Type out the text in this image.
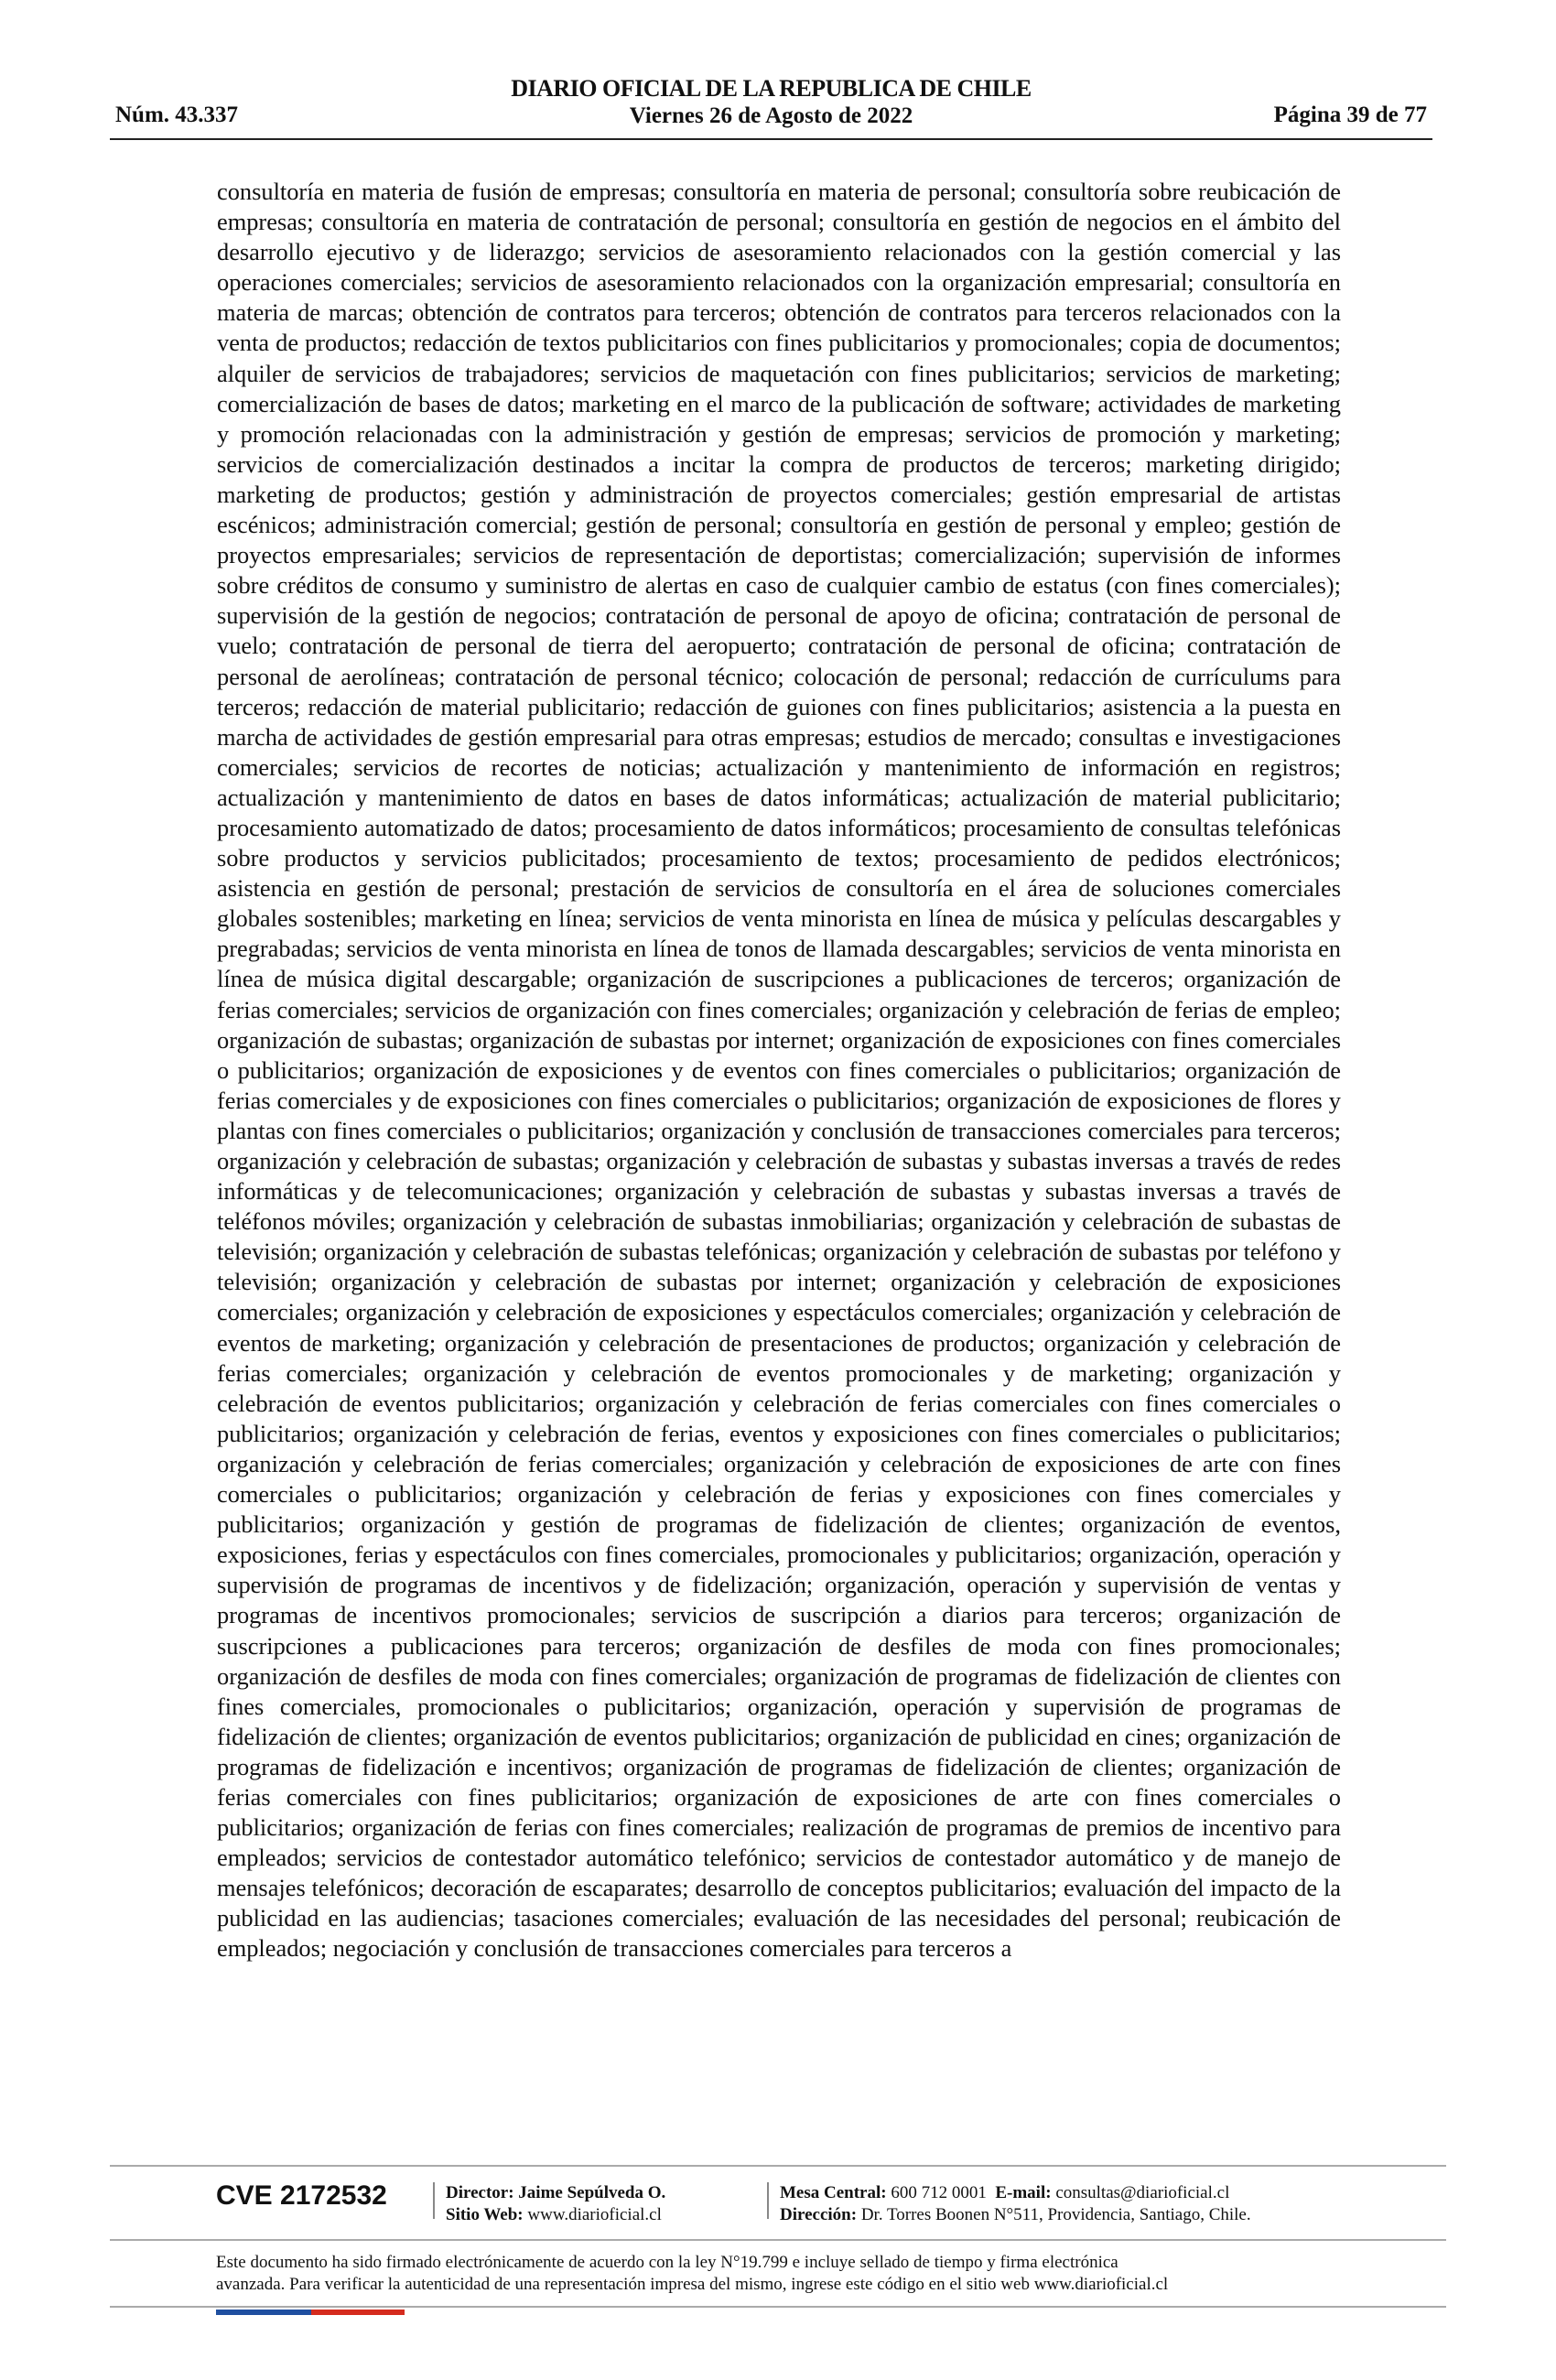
Núm. 43.337
DIARIO OFICIAL DE LA REPUBLICA DE CHILE
Viernes 26 de Agosto de 2022	Página 39 de 77
consultoría en materia de fusión de empresas; consultoría en materia de personal; consultoría sobre reubicación de empresas; consultoría en materia de contratación de personal; consultoría en gestión de negocios en el ámbito del desarrollo ejecutivo y de liderazgo; servicios de asesoramiento relacionados con la gestión comercial y las operaciones comerciales; servicios de asesoramiento relacionados con la organización empresarial; consultoría en materia de marcas; obtención de contratos para terceros; obtención de contratos para terceros relacionados con la venta de productos; redacción de textos publicitarios con fines publicitarios y promocionales; copia de documentos; alquiler de servicios de trabajadores; servicios de maquetación con fines publicitarios; servicios de marketing; comercialización de bases de datos; marketing en el marco de la publicación de software; actividades de marketing y promoción relacionadas con la administración y gestión de empresas; servicios de promoción y marketing; servicios de comercialización destinados a incitar la compra de productos de terceros; marketing dirigido; marketing de productos; gestión y administración de proyectos comerciales; gestión empresarial de artistas escénicos; administración comercial; gestión de personal; consultoría en gestión de personal y empleo; gestión de proyectos empresariales; servicios de representación de deportistas; comercialización; supervisión de informes sobre créditos de consumo y suministro de alertas en caso de cualquier cambio de estatus (con fines comerciales); supervisión de la gestión de negocios; contratación de personal de apoyo de oficina; contratación de personal de vuelo; contratación de personal de tierra del aeropuerto; contratación de personal de oficina; contratación de personal de aerolíneas; contratación de personal técnico; colocación de personal; redacción de currículums para terceros; redacción de material publicitario; redacción de guiones con fines publicitarios; asistencia a la puesta en marcha de actividades de gestión empresarial para otras empresas; estudios de mercado; consultas e investigaciones comerciales; servicios de recortes de noticias; actualización y mantenimiento de información en registros; actualización y mantenimiento de datos en bases de datos informáticas; actualización de material publicitario; procesamiento automatizado de datos; procesamiento de datos informáticos; procesamiento de consultas telefónicas sobre productos y servicios publicitados; procesamiento de textos; procesamiento de pedidos electrónicos; asistencia en gestión de personal; prestación de servicios de consultoría en el área de soluciones comerciales globales sostenibles; marketing en línea; servicios de venta minorista en línea de música y películas descargables y pregrabadas; servicios de venta minorista en línea de tonos de llamada descargables; servicios de venta minorista en línea de música digital descargable; organización de suscripciones a publicaciones de terceros; organización de ferias comerciales; servicios de organización con fines comerciales; organización y celebración de ferias de empleo; organización de subastas; organización de subastas por internet; organización de exposiciones con fines comerciales o publicitarios; organización de exposiciones y de eventos con fines comerciales o publicitarios; organización de ferias comerciales y de exposiciones con fines comerciales o publicitarios; organización de exposiciones de flores y plantas con fines comerciales o publicitarios; organización y conclusión de transacciones comerciales para terceros; organización y celebración de subastas; organización y celebración de subastas y subastas inversas a través de redes informáticas y de telecomunicaciones; organización y celebración de subastas y subastas inversas a través de teléfonos móviles; organización y celebración de subastas inmobiliarias; organización y celebración de subastas de televisión; organización y celebración de subastas telefónicas; organización y celebración de subastas por teléfono y televisión; organización y celebración de subastas por internet; organización y celebración de exposiciones comerciales; organización y celebración de exposiciones y espectáculos comerciales; organización y celebración de eventos de marketing; organización y celebración de presentaciones de productos; organización y celebración de ferias comerciales; organización y celebración de eventos promocionales y de marketing; organización y celebración de eventos publicitarios; organización y celebración de ferias comerciales con fines comerciales o publicitarios; organización y celebración de ferias, eventos y exposiciones con fines comerciales o publicitarios; organización y celebración de ferias comerciales; organización y celebración de exposiciones de arte con fines comerciales o publicitarios; organización y celebración de ferias y exposiciones con fines comerciales y publicitarios; organización y gestión de programas de fidelización de clientes; organización de eventos, exposiciones, ferias y espectáculos con fines comerciales, promocionales y publicitarios; organización, operación y supervisión de programas de incentivos y de fidelización; organización, operación y supervisión de ventas y programas de incentivos promocionales; servicios de suscripción a diarios para terceros; organización de suscripciones a publicaciones para terceros; organización de desfiles de moda con fines promocionales; organización de desfiles de moda con fines comerciales; organización de programas de fidelización de clientes con fines comerciales, promocionales o publicitarios; organización, operación y supervisión de programas de fidelización de clientes; organización de eventos publicitarios; organización de publicidad en cines; organización de programas de fidelización e incentivos; organización de programas de fidelización de clientes; organización de ferias comerciales con fines publicitarios; organización de exposiciones de arte con fines comerciales o publicitarios; organización de ferias con fines comerciales; realización de programas de premios de incentivo para empleados; servicios de contestador automático telefónico; servicios de contestador automático y de manejo de mensajes telefónicos; decoración de escaparates; desarrollo de conceptos publicitarios; evaluación del impacto de la publicidad en las audiencias; tasaciones comerciales; evaluación de las necesidades del personal; reubicación de empleados; negociación y conclusión de transacciones comerciales para terceros a
CVE 2172532	Director: Jaime Sepúlveda O.
Sitio Web: www.diarioficial.cl
Mesa Central: 600 712 0001 E-mail: consultas@diarioficial.cl
Dirección: Dr. Torres Boonen N°511, Providencia, Santiago, Chile.
Este documento ha sido firmado electrónicamente de acuerdo con la ley N°19.799 e incluye sellado de tiempo y firma electrónica
avanzada. Para verificar la autenticidad de una representación impresa del mismo, ingrese este código en el sitio web www.diarioficial.cl
